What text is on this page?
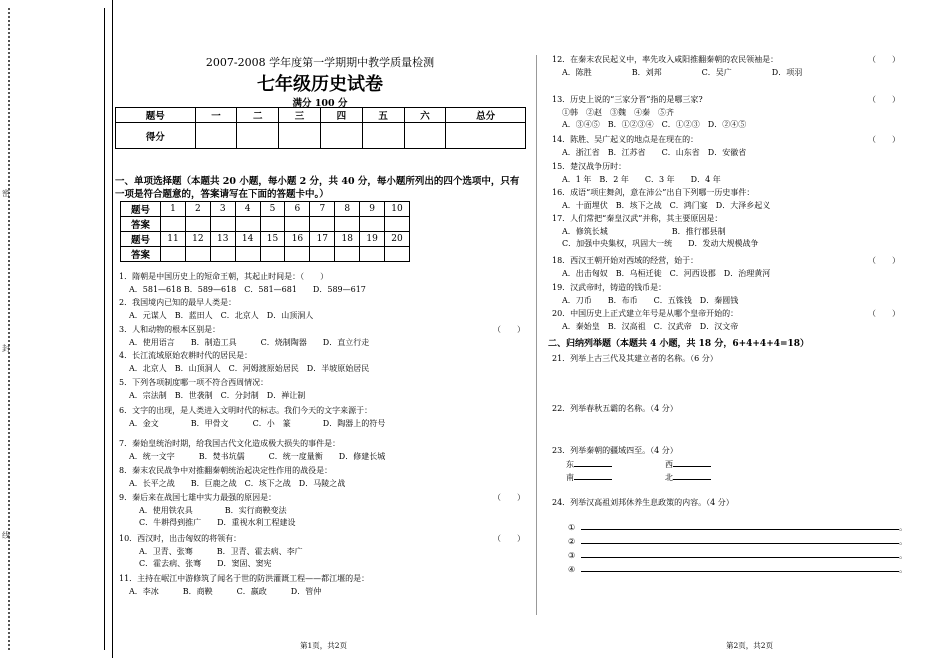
密
封
线
2007-2008 学年度第一学期期中教学质量检测
七年级历史试卷
满分 100 分
题号	一	二	三	四	五	六	总分
得分							
一、单项选择题（本题共 20 小题，每小题 2 分，共 40 分，每小题所列出的四个选项中，只有
一项是符合题意的，答案请写在下面的答题卡中。）
题号	1	2	3	4	5	6	7	8	9	10
答案										
题号	11	12	13	14	15	16	17	18	19	20
答案										
1．隋朝是中国历史上的短命王朝，其起止时间是：（　　）
A．581—618 B．589—618　C．581—681　　D．589—617
2．我国境内已知的最早人类是：
A．元谋人　B．蓝田人　C．北京人　D．山顶洞人
3．人和动物的根本区别是：	（　　）
A．使用语言　　B．制造工具　　　C．烧制陶器　　D．直立行走
4．长江流域原始农耕时代的居民是：
A．北京人　B．山顶洞人　C．河姆渡原始居民　D．半坡原始居民
5．下列各项制度哪一项不符合西周情况：
A．宗法制　B．世袭制　C．分封制　D．禅让制
6．文字的出现，是人类进入文明时代的标志。我们今天的文字来源于：
A．金文　　　　B．甲骨文　　　C．小　篆　　　　D．陶器上的符号
7．秦始皇统治时期，给我国古代文化造成极大损失的事件是：
A．统一文字　　　B．焚书坑儒　　　C．统一度量衡　　D．修建长城
8．秦末农民战争中对推翻秦朝统治起决定性作用的战役是：
A．长平之战　　B．巨鹿之战　C．垓下之战　D．马陵之战
9．秦后来在战国七雄中实力最强的原因是：	（　　）
A．使用铁农具　　　　B．实行商鞅变法
C．牛耕得到推广　　D．重视水利工程建设
10．西汉时，出击匈奴的将领有：	（　　）
A．卫青、张骞　　　B．卫青、霍去病、李广
C．霍去病、张骞　　D．窦固、窦宪
11．主持在岷江中游修筑了闻名于世的防洪灌溉工程——都江堰的是：
A．李冰　　　B．商鞅　　　C．嬴政　　　D．管仲
第1页，共2页
12．在秦末农民起义中，率先攻入咸阳推翻秦朝的农民领袖是：	（　　）
A．陈胜　　　　　B．刘邦　　　　　C．吴广　　　　　D．项羽
13．历史上说的“三家分晋”指的是哪三家?	（　　）
①韩　②赵　③魏　④秦　⑤齐
A．③④⑤　B．①②③④　C．①②③　D．②④⑤
14．陈胜、吴广起义的地点是在现在的：	（　　）
A．浙江省　B．江苏省　　C．山东省　D．安徽省
15．楚汉战争历时：
A．1 年　B．2 年　　C．3 年　　D．4 年
16．成语“项庄舞剑，意在沛公”出自下列哪一历史事件：
A．十面埋伏　B．垓下之战　C．鸿门宴　D．大泽乡起义
17．人们常把“秦皇汉武”并称，其主要原因是：
A．修筑长城　　　　　　　　B．推行郡县制
C．加强中央集权，巩固大一统　　D．发动大规模战争
18．西汉王朝开始对西域的经营，始于：	（　　）
A．出击匈奴　B．乌桓迁徙　C．河西设郡　D．治理黄河
19．汉武帝时，铸造的钱币是：
A．刀币　　B．布币　　C．五铢钱　D．秦圆钱
20．中国历史上正式建立年号是从哪个皇帝开始的：	（　　）
A．秦始皇　B．汉高祖　C．汉武帝　D．汉文帝
二、归纳列举题（本题共 4 小题，共 18 分，6+4+4+4=18）
21．列举上古三代及其建立者的名称。（6 分）
22．列举春秋五霸的名称。（4 分）
23．列举秦朝的疆域四至。（4 分）
东	西
南	北
24．列举汉高祖刘邦休养生息政策的内容。（4 分）
①	。
②	。
③	。
④	。
第2页，共2页
